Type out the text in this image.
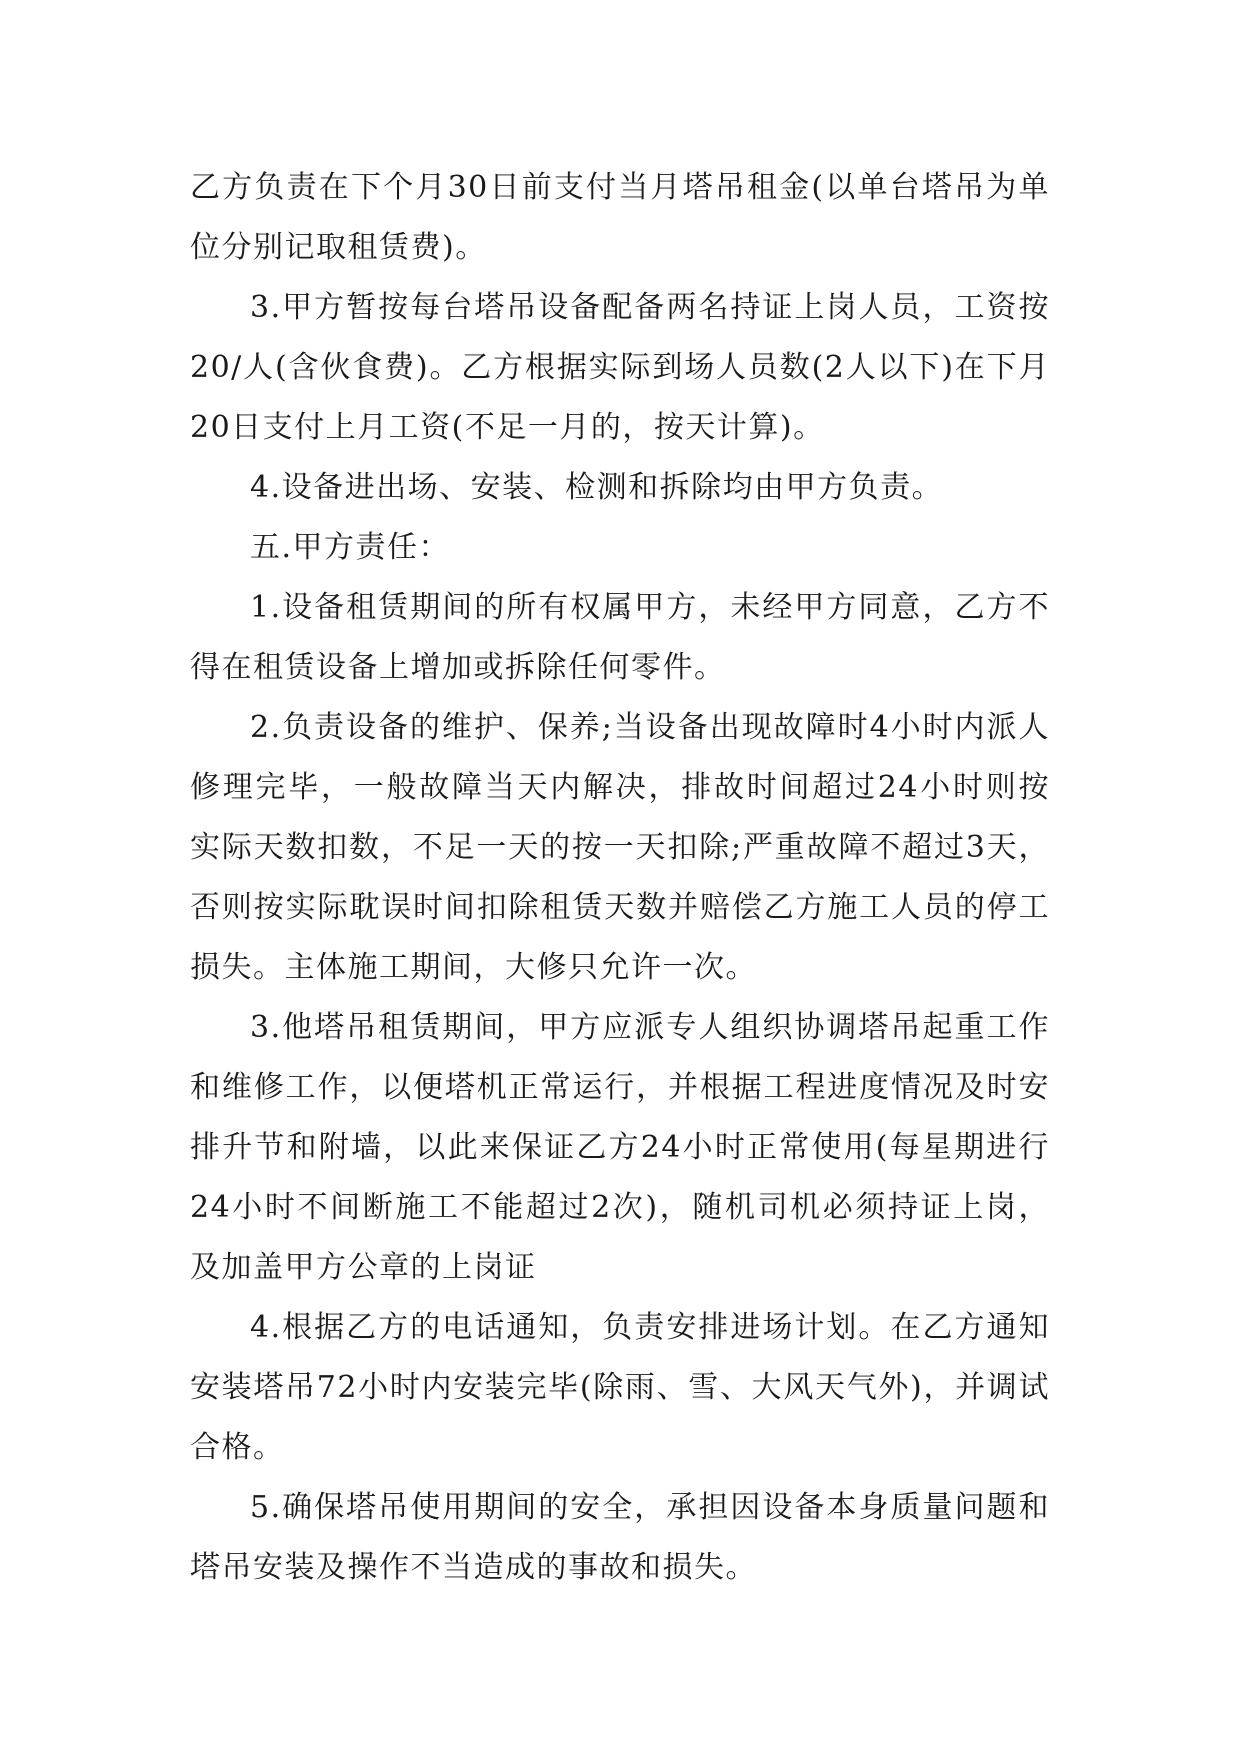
乙方负责在下个月30日前支付当月塔吊租金(以单台塔吊为单位分别记取租赁费)。

3.甲方暂按每台塔吊设备配备两名持证上岗人员，工资按20/人(含伙食费)。乙方根据实际到场人员数(2人以下)在下月20日支付上月工资(不足一月的，按天计算)。

4.设备进出场、安装、检测和拆除均由甲方负责。

五.甲方责任：

1.设备租赁期间的所有权属甲方，未经甲方同意，乙方不得在租赁设备上增加或拆除任何零件。

2.负责设备的维护、保养;当设备出现故障时4小时内派人修理完毕，一般故障当天内解决，排故时间超过24小时则按实际天数扣数，不足一天的按一天扣除;严重故障不超过3天，否则按实际耽误时间扣除租赁天数并赔偿乙方施工人员的停工损失。主体施工期间，大修只允许一次。

3.他塔吊租赁期间，甲方应派专人组织协调塔吊起重工作和维修工作，以便塔机正常运行，并根据工程进度情况及时安排升节和附墙，以此来保证乙方24小时正常使用(每星期进行24小时不间断施工不能超过2次)，随机司机必须持证上岗，及加盖甲方公章的上岗证

4.根据乙方的电话通知，负责安排进场计划。在乙方通知安装塔吊72小时内安装完毕(除雨、雪、大风天气外)，并调试合格。

5.确保塔吊使用期间的安全，承担因设备本身质量问题和塔吊安装及操作不当造成的事故和损失。
